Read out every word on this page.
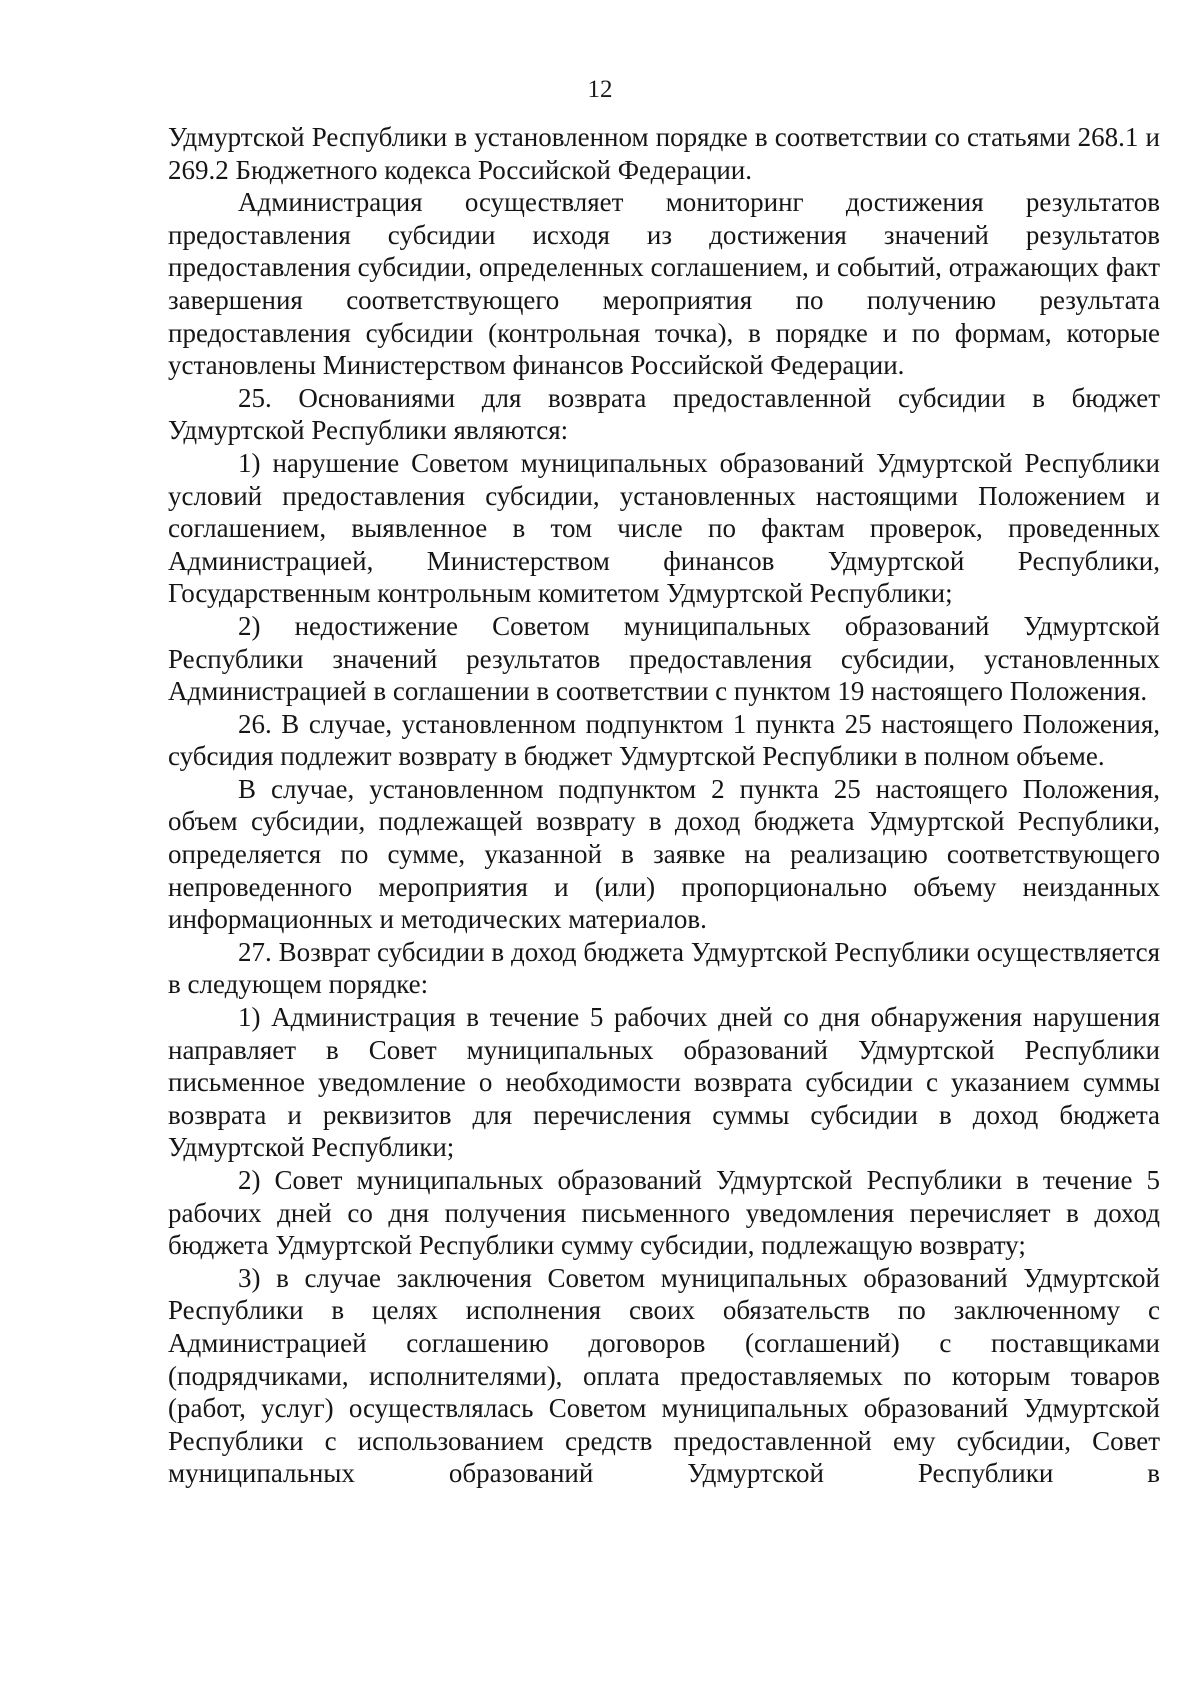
12

Удмуртской Республики в установленном порядке в соответствии со статьями 268.1 и 269.2 Бюджетного кодекса Российской Федерации.

Администрация осуществляет мониторинг достижения результатов предоставления субсидии исходя из достижения значений результатов предоставления субсидии, определенных соглашением, и событий, отражающих факт завершения соответствующего мероприятия по получению результата предоставления субсидии (контрольная точка), в порядке и по формам, которые установлены Министерством финансов Российской Федерации.

25. Основаниями для возврата предоставленной субсидии в бюджет Удмуртской Республики являются:

1) нарушение Советом муниципальных образований Удмуртской Республики условий предоставления субсидии, установленных настоящими Положением и соглашением, выявленное в том числе по фактам проверок, проведенных Администрацией, Министерством финансов Удмуртской Республики, Государственным контрольным комитетом Удмуртской Республики;

2) недостижение Советом муниципальных образований Удмуртской Республики значений результатов предоставления субсидии, установленных Администрацией в соглашении в соответствии с пунктом 19 настоящего Положения.

26. В случае, установленном подпунктом 1 пункта 25 настоящего Положения, субсидия подлежит возврату в бюджет Удмуртской Республики в полном объеме.

В случае, установленном подпунктом 2 пункта 25 настоящего Положения, объем субсидии, подлежащей возврату в доход бюджета Удмуртской Республики, определяется по сумме, указанной в заявке на реализацию соответствующего непроведенного мероприятия и (или) пропорционально объему неизданных информационных и методических материалов.

27. Возврат субсидии в доход бюджета Удмуртской Республики осуществляется в следующем порядке:

1) Администрация в течение 5 рабочих дней со дня обнаружения нарушения направляет в Совет муниципальных образований Удмуртской Республики письменное уведомление о необходимости возврата субсидии с указанием суммы возврата и реквизитов для перечисления суммы субсидии в доход бюджета Удмуртской Республики;

2) Совет муниципальных образований Удмуртской Республики в течение 5 рабочих дней со дня получения письменного уведомления перечисляет в доход бюджета Удмуртской Республики сумму субсидии, подлежащую возврату;

3) в случае заключения Советом муниципальных образований Удмуртской Республики в целях исполнения своих обязательств по заключенному с Администрацией соглашению договоров (соглашений) с поставщиками (подрядчиками, исполнителями), оплата предоставляемых по которым товаров (работ, услуг) осуществлялась Советом муниципальных образований Удмуртской Республики с использованием средств предоставленной ему субсидии, Совет муниципальных образований Удмуртской Республики в
